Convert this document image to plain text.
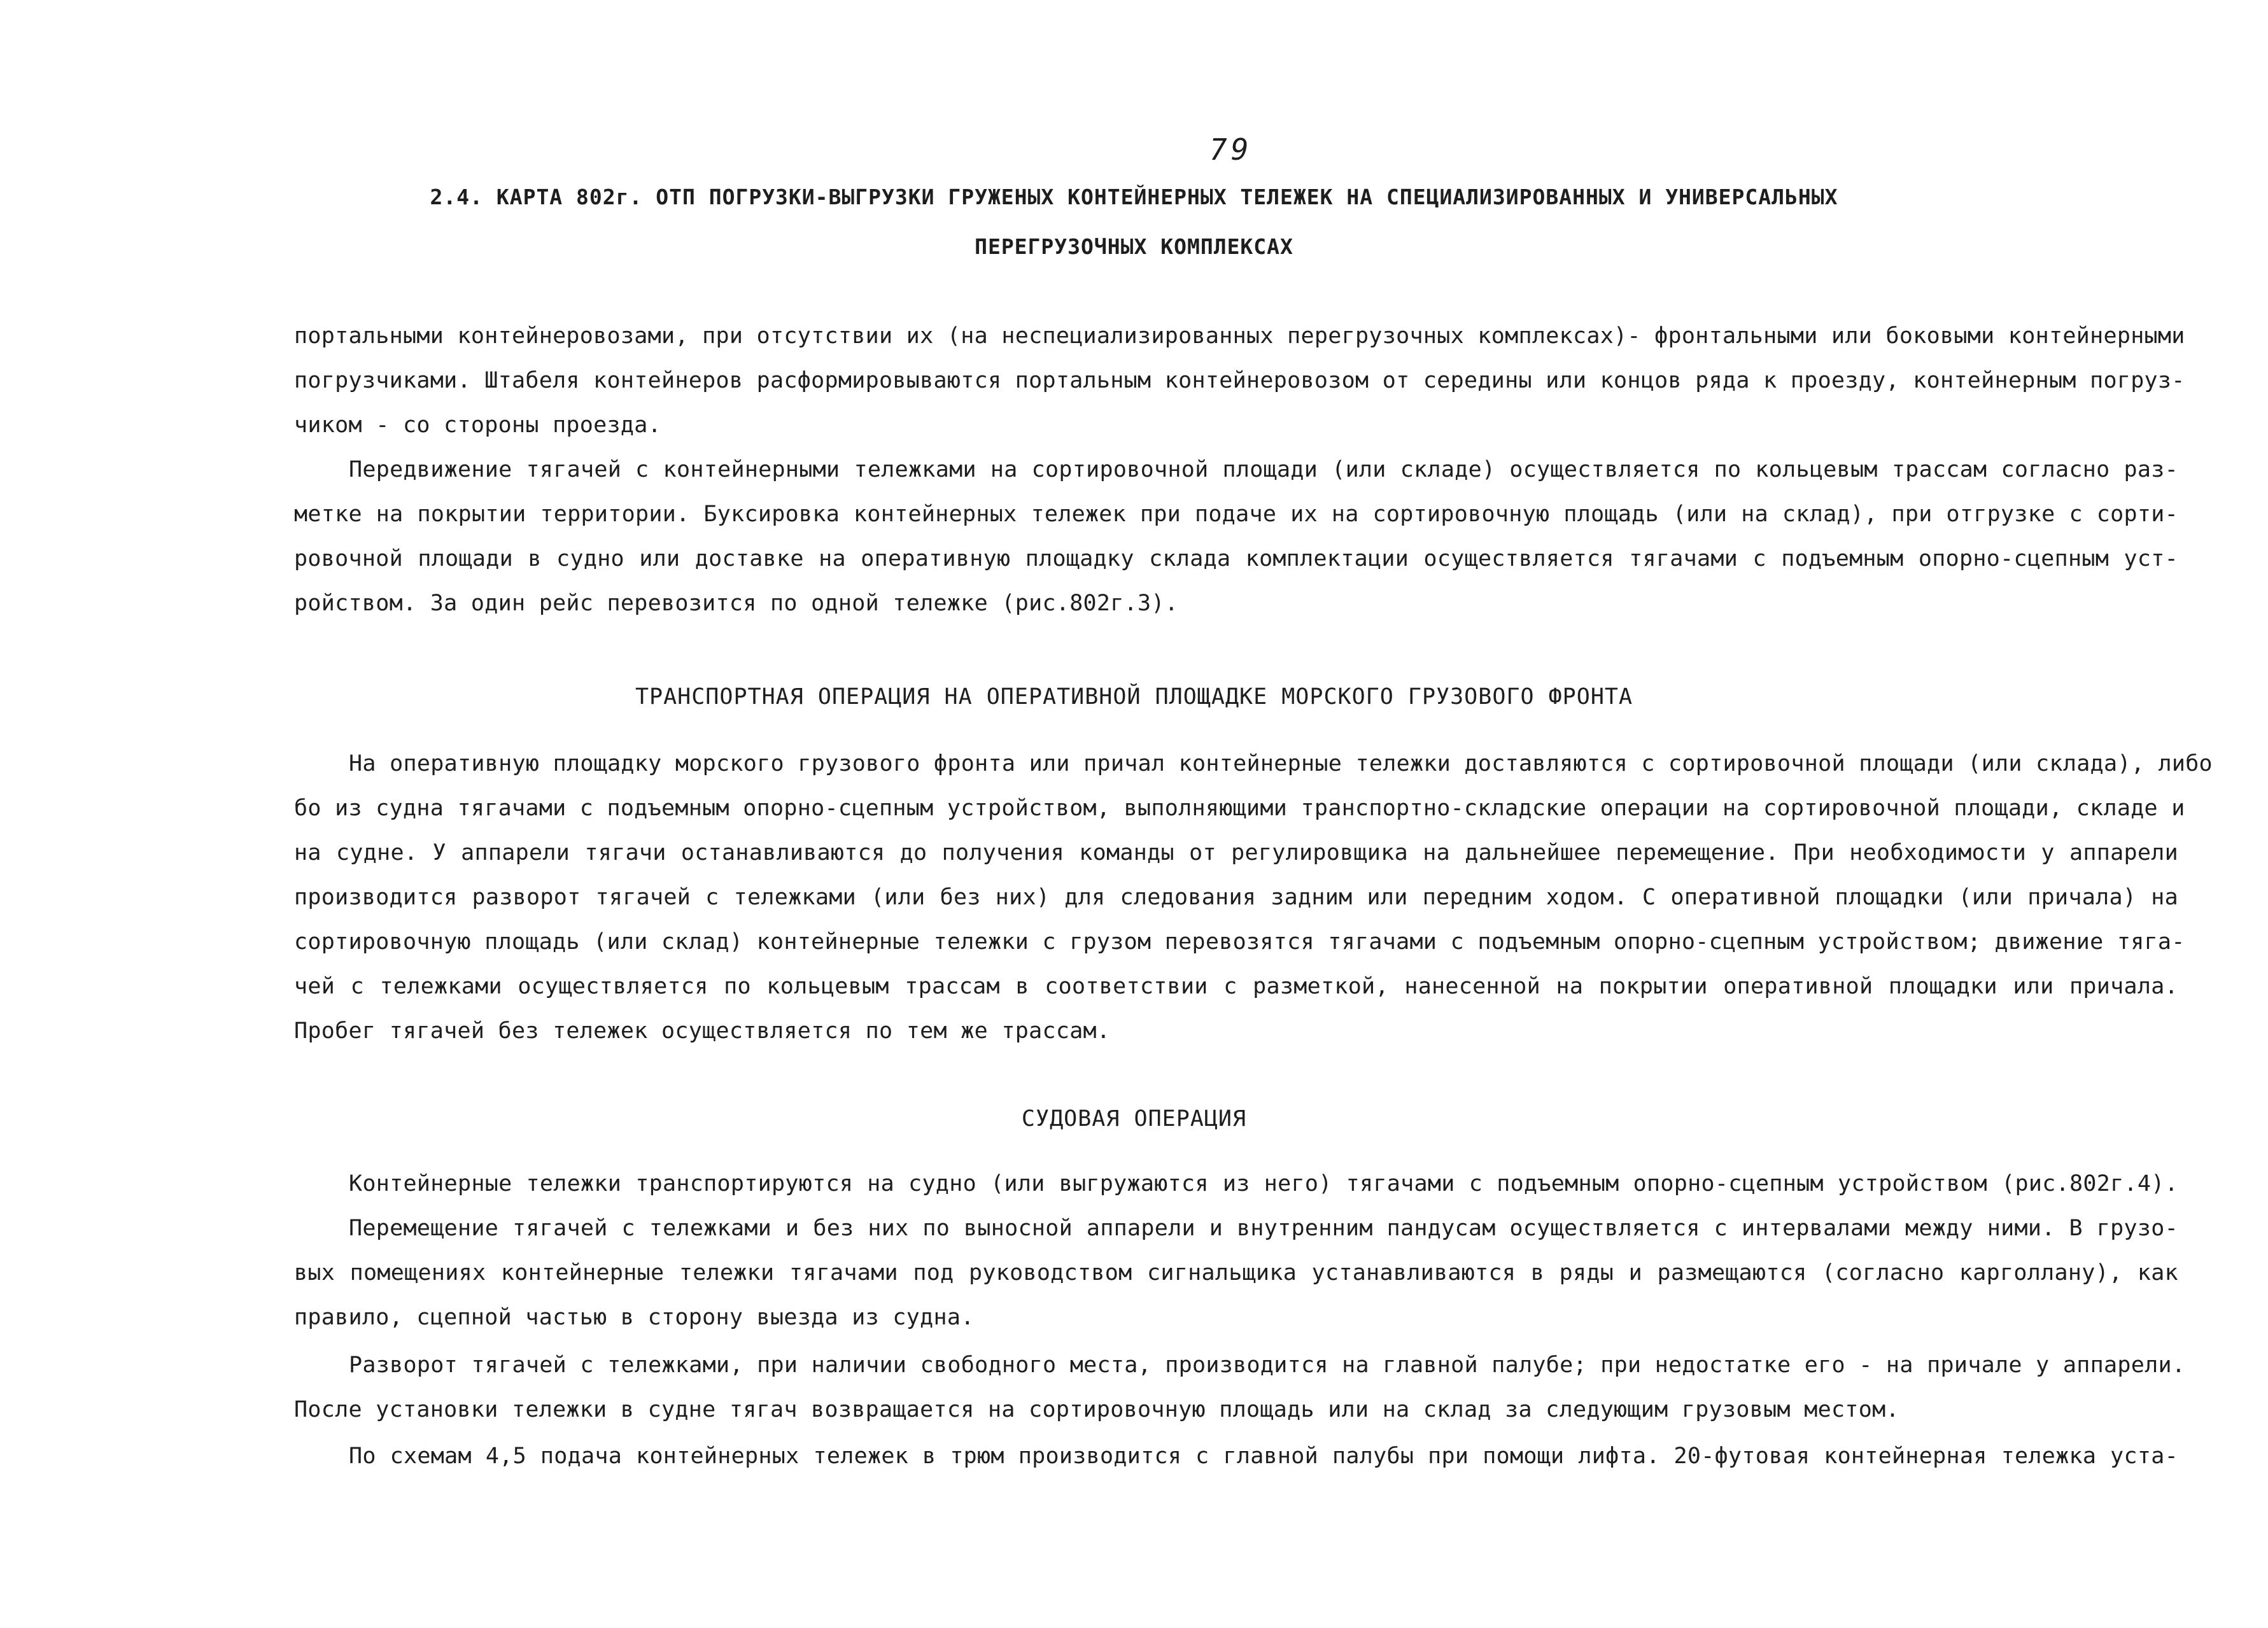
79
2.4. КАРТА 802г. ОТП ПОГРУЗКИ-ВЫГРУЗКИ ГРУЖЕНЫХ КОНТЕЙНЕРНЫХ ТЕЛЕЖЕК НА СПЕЦИАЛИЗИРОВАННЫХ И УНИВЕРСАЛЬНЫХ
ПЕРЕГРУЗОЧНЫХ КОМПЛЕКСАХ
портальными контейнеровозами, при отсутствии их (на неспециализированных перегрузочных комплексах)- фронтальными или боковыми контейнерными
погрузчиками. Штабеля контейнеров расформировываются портальным контейнеровозом от середины или концов ряда к проезду, контейнерным погруз-
чиком - со стороны проезда.
Передвижение тягачей с контейнерными тележками на сортировочной площади (или складе) осуществляется по кольцевым трассам согласно раз-
метке на покрытии территории. Буксировка контейнерных тележек при подаче их на сортировочную площадь (или на склад), при отгрузке с сорти-
ровочной площади в судно или доставке на оперативную площадку склада комплектации осуществляется тягачами с подъемным опорно-сцепным уст-
ройством. За один рейс перевозится по одной тележке (рис.802г.3).
ТРАНСПОРТНАЯ ОПЕРАЦИЯ НА ОПЕРАТИВНОЙ ПЛОЩАДКЕ МОРСКОГО ГРУЗОВОГО ФРОНТА
На оперативную площадку морского грузового фронта или причал контейнерные тележки доставляются с сортировочной площади (или склада), либо
бо из судна тягачами с подъемным опорно-сцепным устройством, выполняющими транспортно-складские операции на сортировочной площади, складе и
на судне. У аппарели тягачи останавливаются до получения команды от регулировщика на дальнейшее перемещение. При необходимости у аппарели
производится разворот тягачей с тележками (или без них) для следования задним или передним ходом. С оперативной площадки (или причала) на
сортировочную площадь (или склад) контейнерные тележки с грузом перевозятся тягачами с подъемным опорно-сцепным устройством; движение тяга-
чей с тележками осуществляется по кольцевым трассам в соответствии с разметкой, нанесенной на покрытии оперативной площадки или причала.
Пробег тягачей без тележек осуществляется по тем же трассам.
СУДОВАЯ ОПЕРАЦИЯ
Контейнерные тележки транспортируются на судно (или выгружаются из него) тягачами с подъемным опорно-сцепным устройством (рис.802г.4).
Перемещение тягачей с тележками и без них по выносной аппарели и внутренним пандусам осуществляется с интервалами между ними. В грузо-
вых помещениях контейнерные тележки тягачами под руководством сигнальщика устанавливаются в ряды и размещаются (согласно карголлану), как
правило, сцепной частью в сторону выезда из судна.
Разворот тягачей с тележками, при наличии свободного места, производится на главной палубе; при недостатке его - на причале у аппарели.
После установки тележки в судне тягач возвращается на сортировочную площадь или на склад за следующим грузовым местом.
По схемам 4,5 подача контейнерных тележек в трюм производится с главной палубы при помощи лифта. 20-футовая контейнерная тележка уста-
